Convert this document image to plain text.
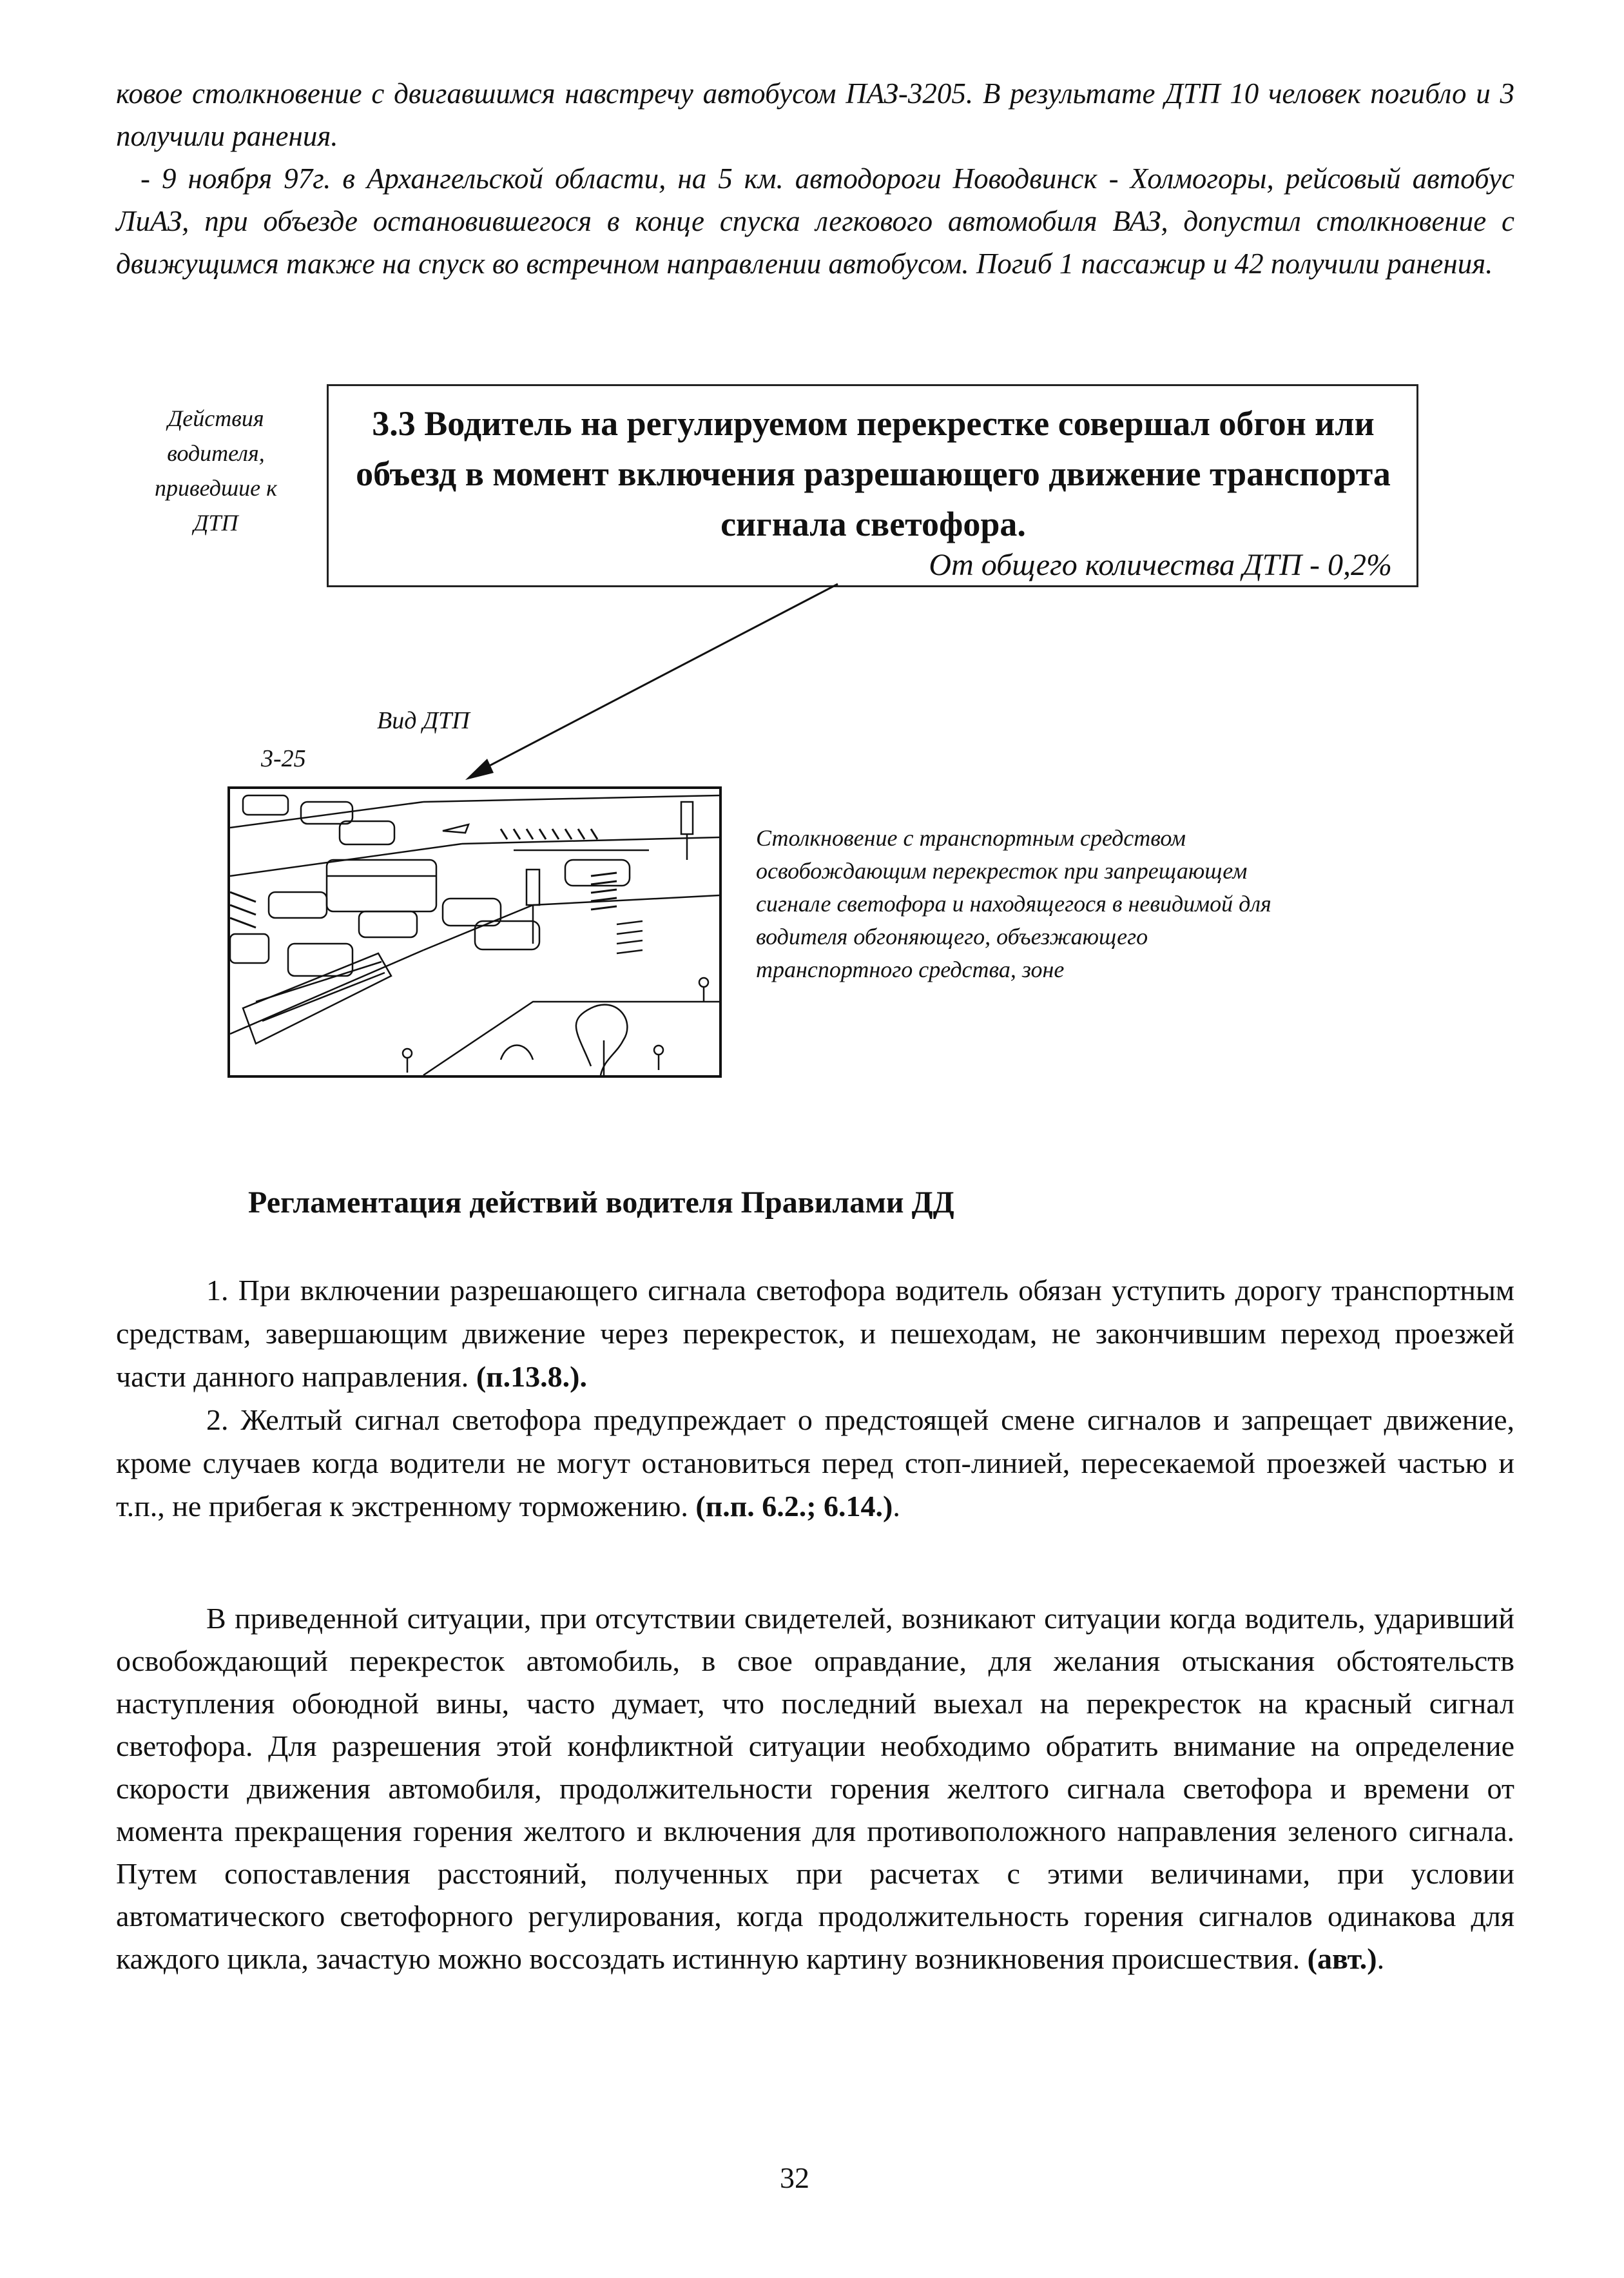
ковое столкновение с двигавшимся навстречу автобусом ПАЗ-3205. В результате ДТП 10 человек погибло и 3 получили ранения.

- 9 ноября 97г. в Архангельской области, на 5 км. автодороги Новодвинск - Холмогоры, рейсовый автобус ЛиАЗ, при объезде остановившегося в конце спуска легкового автомобиля ВАЗ, допустил столкновение с движущимся также на спуск во встречном направлении автобусом. Погиб 1 пассажир и 42 получили ранения.

Действия водителя, приведшие к ДТП
3.3 Водитель на регулируемом перекрестке совершал обгон или объезд в момент включения разрешающего движение транспорта сигнала светофора.
От общего количества ДТП - 0,2%
Вид ДТП
3-25
Столкновение с транспортным средством освобождающим перекресток при запрещающем сигнале светофора и находящегося в невидимой для водителя обгоняющего, объезжающего транспортного средства, зоне
Регламентация действий водителя Правилами ДД

1. При включении разрешающего сигнала светофора водитель обязан уступить дорогу транспортным средствам, завершающим движение через перекресток, и пешеходам, не закончившим переход проезжей части данного направления. (п.13.8.).

2. Желтый сигнал светофора предупреждает о предстоящей смене сигналов и запрещает движение, кроме случаев когда водители не могут остановиться перед стоп-линией, пересекаемой проезжей частью и т.п., не прибегая к экстренному торможению. (п.п. 6.2.; 6.14.).

В приведенной ситуации, при отсутствии свидетелей, возникают ситуации когда водитель, ударивший освобождающий перекресток автомобиль, в свое оправдание, для желания отыскания обстоятельств наступления обоюдной вины, часто думает, что последний выехал на перекресток на красный сигнал светофора. Для разрешения этой конфликтной ситуации необходимо обратить внимание на определение скорости движения автомобиля, продолжительности горения желтого сигнала светофора и времени от момента прекращения горения желтого и включения для противоположного направления зеленого сигнала. Путем сопоставления расстояний, полученных при расчетах с этими величинами, при условии автоматического светофорного регулирования, когда продолжительность горения сигналов одинакова для каждого цикла, зачастую можно воссоздать истинную картину возникновения происшествия. (авт.).

32
